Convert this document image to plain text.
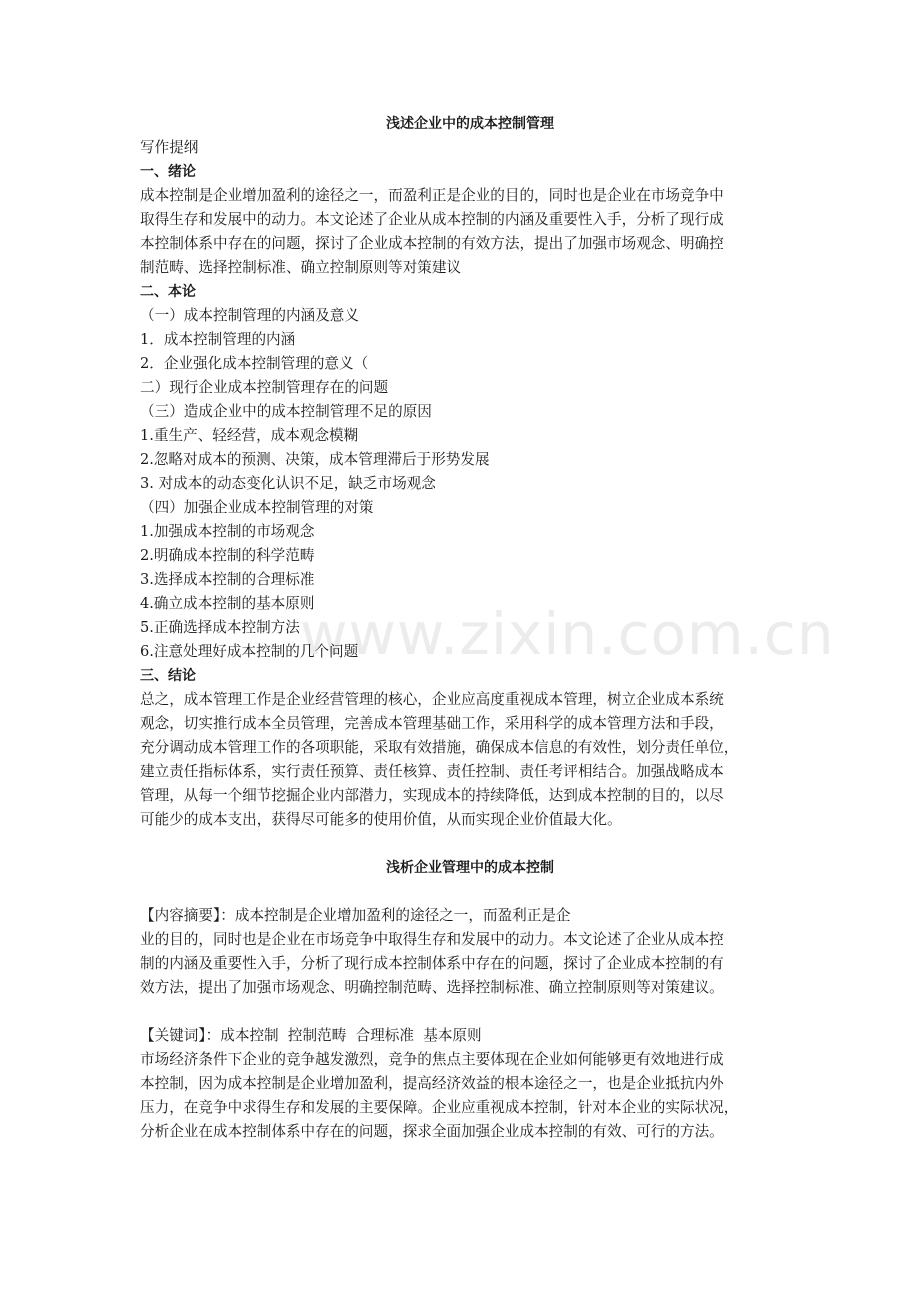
www.zixin.com.cn
浅述企业中的成本控制管理
写作提纲
一、绪论
成本控制是企业增加盈利的途径之一，而盈利正是企业的目的，同时也是企业在市场竞争中
取得生存和发展中的动力。本文论述了企业从成本控制的内涵及重要性入手，分析了现行成
本控制体系中存在的问题，探讨了企业成本控制的有效方法，提出了加强市场观念、明确控
制范畴、选择控制标准、确立控制原则等对策建议
二、本论
（一）成本控制管理的内涵及意义
1．成本控制管理的内涵
2．企业强化成本控制管理的意义（
二）现行企业成本控制管理存在的问题
（三）造成企业中的成本控制管理不足的原因
1.重生产、轻经营，成本观念模糊
2.忽略对成本的预测、决策，成本管理滞后于形势发展
3. 对成本的动态变化认识不足，缺乏市场观念
（四）加强企业成本控制管理的对策
1.加强成本控制的市场观念
2.明确成本控制的科学范畴
3.选择成本控制的合理标准
4.确立成本控制的基本原则
5.正确选择成本控制方法
6.注意处理好成本控制的几个问题
三、结论
总之，成本管理工作是企业经营管理的核心，企业应高度重视成本管理，树立企业成本系统
观念，切实推行成本全员管理，完善成本管理基础工作，采用科学的成本管理方法和手段，
充分调动成本管理工作的各项职能，采取有效措施，确保成本信息的有效性，划分责任单位，
建立责任指标体系，实行责任预算、责任核算、责任控制、责任考评相结合。加强战略成本
管理，从每一个细节挖掘企业内部潜力，实现成本的持续降低，达到成本控制的目的，以尽
可能少的成本支出，获得尽可能多的使用价值，从而实现企业价值最大化。
浅析企业管理中的成本控制
【内容摘要】：成本控制是企业增加盈利的途径之一，而盈利正是企
业的目的，同时也是企业在市场竞争中取得生存和发展中的动力。本文论述了企业从成本控
制的内涵及重要性入手，分析了现行成本控制体系中存在的问题，探讨了企业成本控制的有
效方法，提出了加强市场观念、明确控制范畴、选择控制标准、确立控制原则等对策建议。
【关键词】：成本控制  控制范畴  合理标准  基本原则
市场经济条件下企业的竞争越发激烈，竞争的焦点主要体现在企业如何能够更有效地进行成
本控制，因为成本控制是企业增加盈利，提高经济效益的根本途径之一，也是企业抵抗内外
压力，在竞争中求得生存和发展的主要保障。企业应重视成本控制，针对本企业的实际状况，
分析企业在成本控制体系中存在的问题，探求全面加强企业成本控制的有效、可行的方法。
